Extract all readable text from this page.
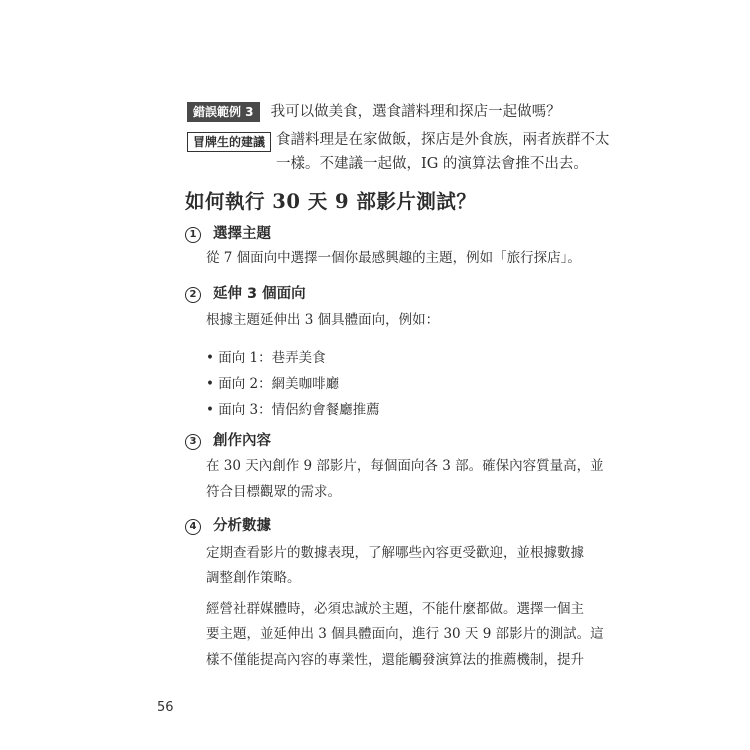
錯誤範例 3 我可以做美食，選食譜料理和探店一起做嗎？
冒牌生的建議 食譜料理是在家做飯，探店是外食族，兩者族群不太
一樣。不建議一起做，IG 的演算法會推不出去。
如何執行 30 天 9 部影片測試？
1 選擇主題
從 7 個面向中選擇一個你最感興趣的主題，例如「旅行探店」。
2 延伸 3 個面向
根據主題延伸出 3 個具體面向，例如：
• 面向 1：巷弄美食
• 面向 2：網美咖啡廳
• 面向 3：情侶約會餐廳推薦
3 創作內容
在 30 天內創作 9 部影片，每個面向各 3 部。確保內容質量高，並
符合目標觀眾的需求。
4 分析數據
定期查看影片的數據表現，了解哪些內容更受歡迎，並根據數據
調整創作策略。
經營社群媒體時，必須忠誠於主題，不能什麼都做。選擇一個主
要主題，並延伸出 3 個具體面向，進行 30 天 9 部影片的測試。這
樣不僅能提高內容的專業性，還能觸發演算法的推薦機制，提升
56
